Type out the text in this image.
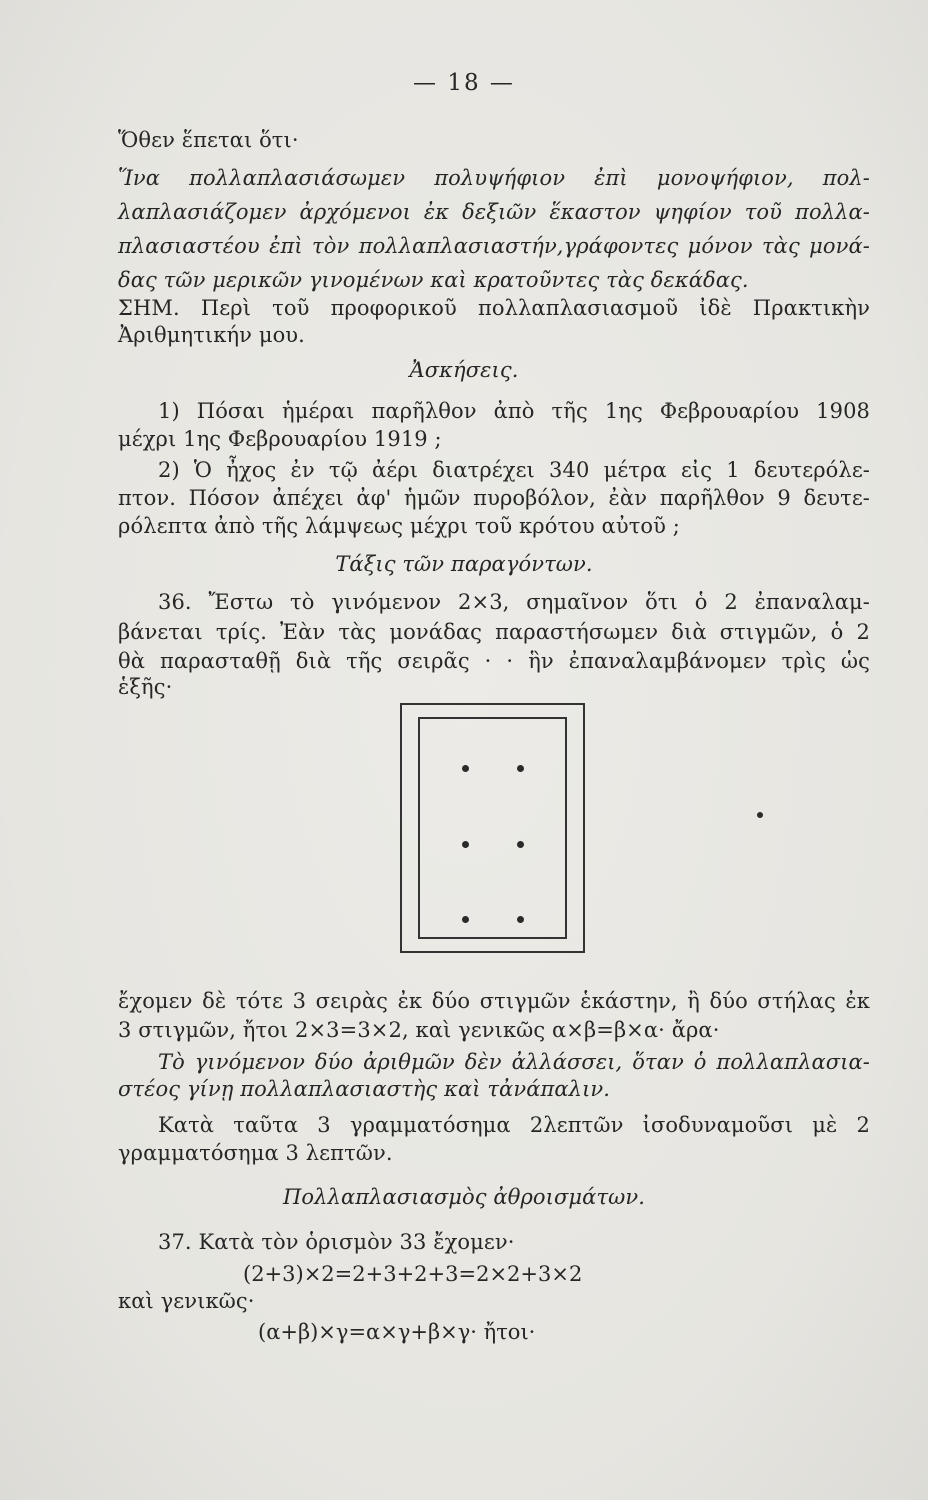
— 18 —
Ὅθεν ἕπεται ὅτι·
Ἵνα πολλαπλασιάσωμεν πολυψήφιον ἐπὶ μονοψήφιον, πολ-
λαπλασιάζομεν ἀρχόμενοι ἐκ δεξιῶν ἕκαστον ψηφίον τοῦ πολλα-
πλασιαστέου ἐπὶ τὸν πολλαπλασιαστήν,γράφοντες μόνον τὰς μονά-
δας τῶν μερικῶν γινομένων καὶ κρατοῦντες τὰς δεκάδας.
ΣΗΜ. Περὶ τοῦ προφορικοῦ πολλαπλασιασμοῦ ἰδὲ Πρακτικὴν
Ἀριθμητικήν μου.
Ἀσκήσεις.
1) Πόσαι ἡμέραι παρῆλθον ἀπὸ τῆς 1ης Φεβρουαρίου 1908
μέχρι 1ης Φεβρουαρίου 1919 ;
2) Ὁ ἦχος ἐν τῷ ἀέρι διατρέχει 340 μέτρα εἰς 1 δευτερόλε-
πτον. Πόσον ἀπέχει ἀφ' ἡμῶν πυροβόλον, ἐὰν παρῆλθον 9 δευτε-
ρόλεπτα ἀπὸ τῆς λάμψεως μέχρι τοῦ κρότου αὐτοῦ ;
Τάξις τῶν παραγόντων.
36. Ἔστω τὸ γινόμενον 2×3, σημαῖνον ὅτι ὁ 2 ἐπαναλαμ-
βάνεται τρίς. Ἐὰν τὰς μονάδας παραστήσωμεν διὰ στιγμῶν, ὁ 2
θὰ παρασταθῇ διὰ τῆς σειρᾶς · · ἣν ἐπαναλαμβάνομεν τρὶς ὡς
ἑξῆς·
ἔχομεν δὲ τότε 3 σειρὰς ἐκ δύο στιγμῶν ἑκάστην, ἢ δύο στήλας ἐκ
3 στιγμῶν, ἤτοι 2×3=3×2, καὶ γενικῶς α×β=β×α· ἄρα·
Τὸ γινόμενον δύο ἀριθμῶν δὲν ἀλλάσσει, ὅταν ὁ πολλαπλασια-
στέος γίνῃ πολλαπλασιαστὴς καὶ τἀνάπαλιν.
Κατὰ ταῦτα 3 γραμματόσημα 2λεπτῶν ἰσοδυναμοῦσι μὲ 2
γραμματόσημα 3 λεπτῶν.
Πολλαπλασιασμὸς ἀθροισμάτων.
37. Κατὰ τὸν ὁρισμὸν 33 ἔχομεν·
(2+3)×2=2+3+2+3=2×2+3×2
καὶ γενικῶς·
(α+β)×γ=α×γ+β×γ· ἤτοι·
